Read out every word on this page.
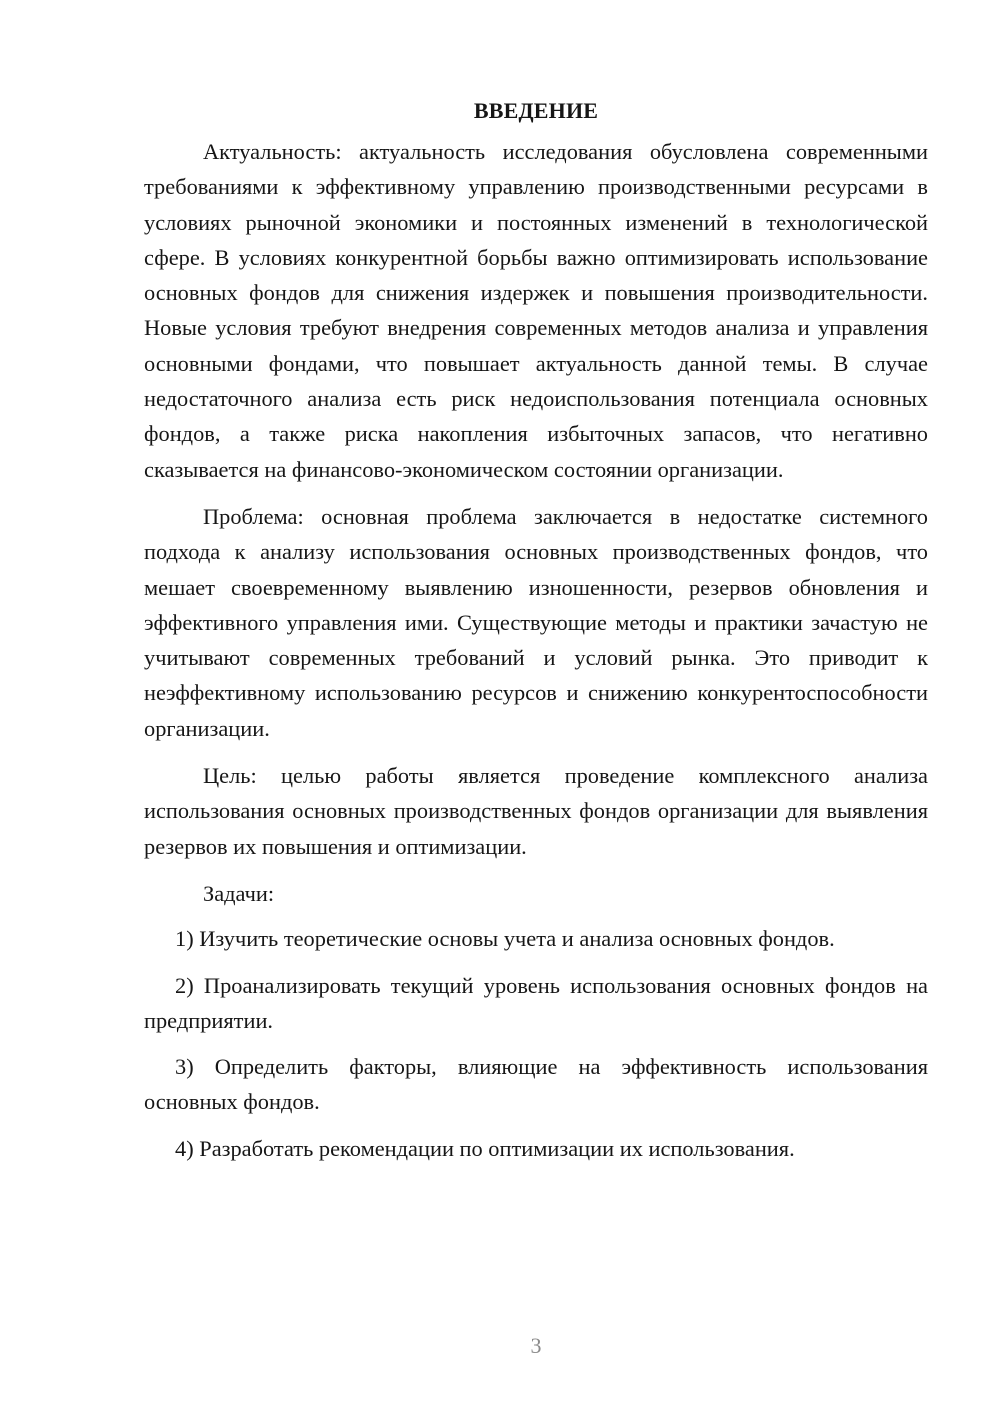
ВВЕДЕНИЕ

Актуальность: актуальность исследования обусловлена современными требованиями к эффективному управлению производственными ресурсами в условиях рыночной экономики и постоянных изменений в технологической сфере. В условиях конкурентной борьбы важно оптимизировать использование основных фондов для снижения издержек и повышения производительности. Новые условия требуют внедрения современных методов анализа и управления основными фондами, что повышает актуальность данной темы. В случае недостаточного анализа есть риск недоиспользования потенциала основных фондов, а также риска накопления избыточных запасов, что негативно сказывается на финансово-экономическом состоянии организации.

Проблема: основная проблема заключается в недостатке системного подхода к анализу использования основных производственных фондов, что мешает своевременному выявлению изношенности, резервов обновления и эффективного управления ими. Существующие методы и практики зачастую не учитывают современных требований и условий рынка. Это приводит к неэффективному использованию ресурсов и снижению конкурентоспособности организации.

Цель: целью работы является проведение комплексного анализа использования основных производственных фондов организации для выявления резервов их повышения и оптимизации.

Задачи:

1) Изучить теоретические основы учета и анализа основных фондов.

2) Проанализировать текущий уровень использования основных фондов на предприятии.

3) Определить факторы, влияющие на эффективность использования основных фондов.

4) Разработать рекомендации по оптимизации их использования.

3
